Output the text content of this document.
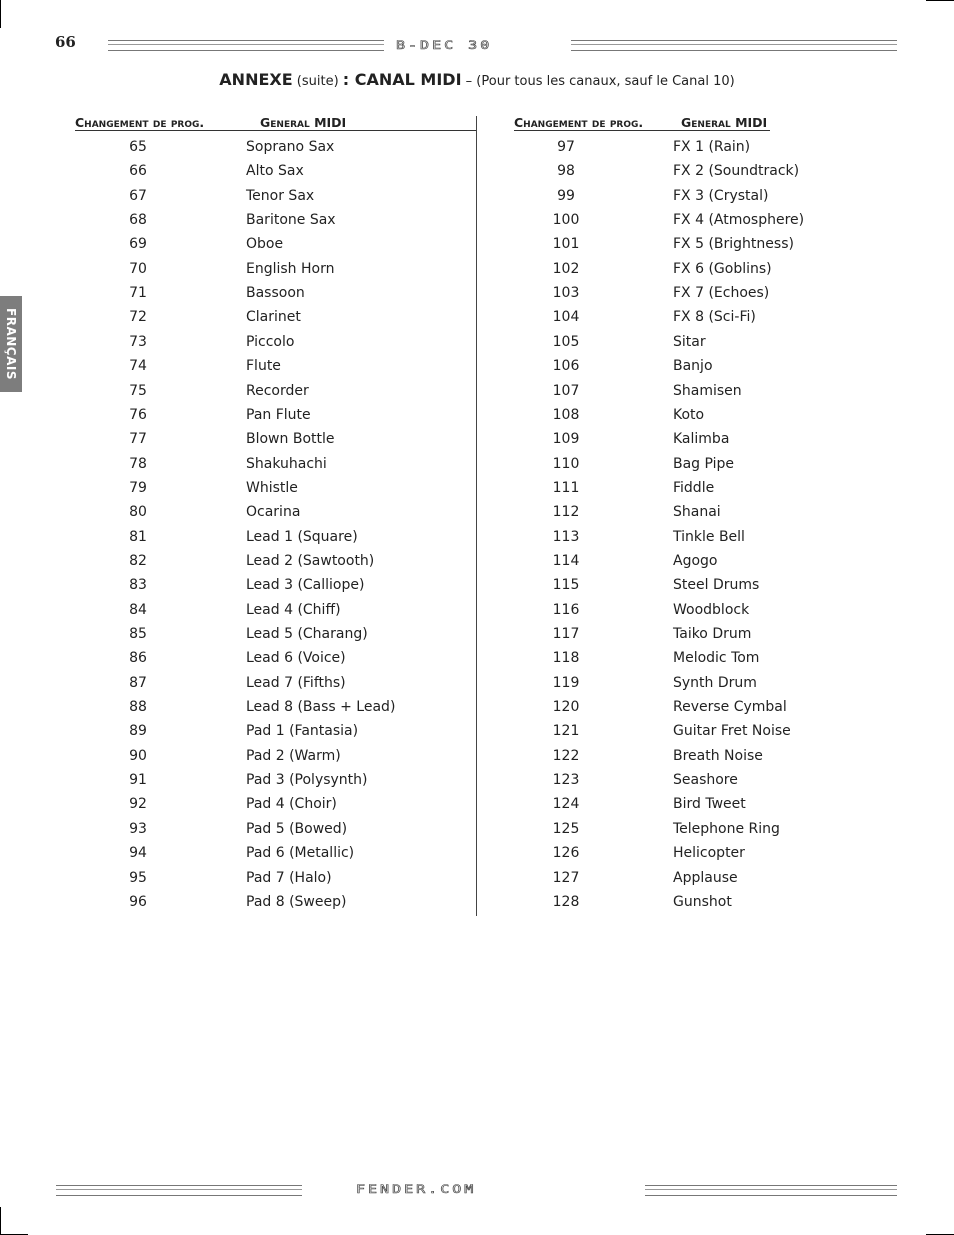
66	B-DEC 30
FRANÇAIS
ANNEXE (suite) : CANAL MIDI – (Pour tous les canaux, sauf le Canal 10)
Changement de prog.	General MIDI	Changement de prog.	General MIDI
65	Soprano Sax
66	Alto Sax
67	Tenor Sax
68	Baritone Sax
69	Oboe
70	English Horn
71	Bassoon
72	Clarinet
73	Piccolo
74	Flute
75	Recorder
76	Pan Flute
77	Blown Bottle
78	Shakuhachi
79	Whistle
80	Ocarina
81	Lead 1 (Square)
82	Lead 2 (Sawtooth)
83	Lead 3 (Calliope)
84	Lead 4 (Chiff)
85	Lead 5 (Charang)
86	Lead 6 (Voice)
87	Lead 7 (Fifths)
88	Lead 8 (Bass + Lead)
89	Pad 1 (Fantasia)
90	Pad 2 (Warm)
91	Pad 3 (Polysynth)
92	Pad 4 (Choir)
93	Pad 5 (Bowed)
94	Pad 6 (Metallic)
95	Pad 7 (Halo)
96	Pad 8 (Sweep)
97	FX 1 (Rain)
98	FX 2 (Soundtrack)
99	FX 3 (Crystal)
100	FX 4 (Atmosphere)
101	FX 5 (Brightness)
102	FX 6 (Goblins)
103	FX 7 (Echoes)
104	FX 8 (Sci-Fi)
105	Sitar
106	Banjo
107	Shamisen
108	Koto
109	Kalimba
110	Bag Pipe
111	Fiddle
112	Shanai
113	Tinkle Bell
114	Agogo
115	Steel Drums
116	Woodblock
117	Taiko Drum
118	Melodic Tom
119	Synth Drum
120	Reverse Cymbal
121	Guitar Fret Noise
122	Breath Noise
123	Seashore
124	Bird Tweet
125	Telephone Ring
126	Helicopter
127	Applause
128	Gunshot
FENDER.COM
